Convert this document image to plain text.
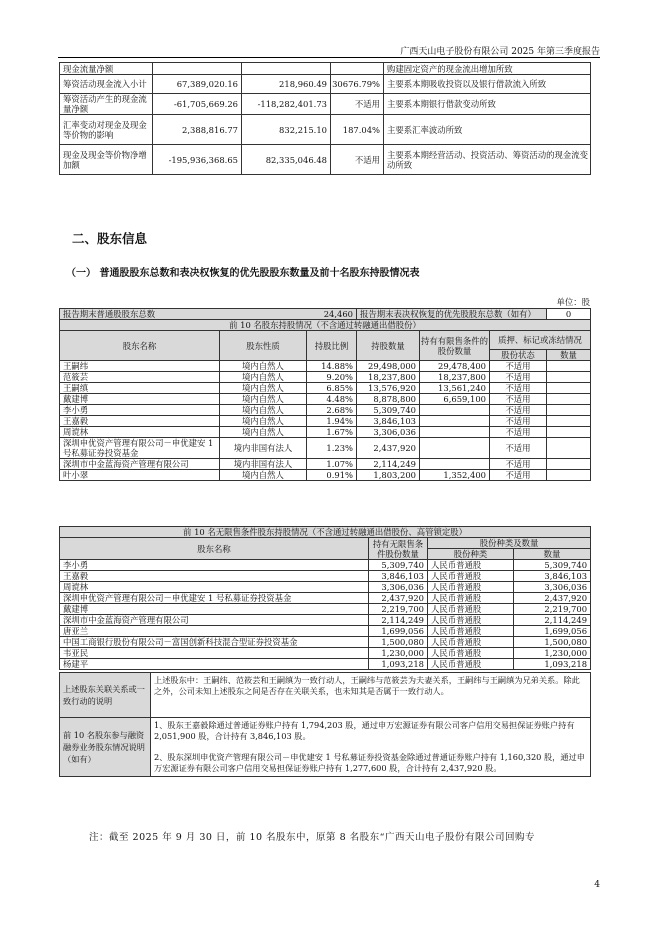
广西天山电子股份有限公司 2025 年第三季度报告
现金流量净额				购建固定资产的现金流出增加所致
筹资活动现金流入小计	67,389,020.16	218,960.49	30676.79%	主要系本期吸收投资以及银行借款流入所致
筹资活动产生的现金流量净额	-61,705,669.26	-118,282,401.73	不适用	主要系本期银行借款变动所致
汇率变动对现金及现金等价物的影响	2,388,816.77	832,215.10	187.04%	主要系汇率波动所致
现金及现金等价物净增加额	-195,936,368.65	82,335,046.48	不适用	主要系本期经营活动、投资活动、筹资活动的现金流变动所致
二、股东信息
（一） 普通股股东总数和表决权恢复的优先股股东数量及前十名股东持股情况表
单位：股
报告期末普通股股东总数 24,460			报告期末表决权恢复的优先股股东总数（如有）			0
前 10 名股东持股情况（不含通过转融通出借股份）						
股东名称	股东性质	持股比例	持股数量	持有有限售条件的股份数量	质押、标记或冻结情况	
					股份状态	数量
王嗣纬	境内自然人	14.88%	29,498,000	29,478,400	不适用	
范筱芸	境内自然人	9.20%	18,237,800	18,237,800	不适用	
王嗣缜	境内自然人	6.85%	13,576,920	13,561,240	不适用	
戴建博	境内自然人	4.48%	8,878,800	6,659,100	不适用	
李小勇	境内自然人	2.68%	5,309,740		不适用	
王嘉毅	境内自然人	1.94%	3,846,103		不适用	
周谠林	境内自然人	1.67%	3,306,036		不适用	
深圳申优资产管理有限公司－申优建安 1 号私募证券投资基金	境内非国有法人	1.23%	2,437,920		不适用	
深圳市中金蓝海资产管理有限公司	境内非国有法人	1.07%	2,114,249		不适用	
叶小翠	境内自然人	0.91%	1,803,200	1,352,400	不适用	
前 10 名无限售条件股东持股情况（不含通过转融通出借股份、高管锁定股）			
股东名称	持有无限售条件股份数量	股份种类及数量	
		股份种类	数量
李小勇	5,309,740	人民币普通股	5,309,740
王嘉毅	3,846,103	人民币普通股	3,846,103
周谠林	3,306,036	人民币普通股	3,306,036
深圳申优资产管理有限公司－申优建安 1 号私募证券投资基金	2,437,920	人民币普通股	2,437,920
戴建博	2,219,700	人民币普通股	2,219,700
深圳市中金蓝海资产管理有限公司	2,114,249	人民币普通股	2,114,249
唐亚兰	1,699,056	人民币普通股	1,699,056
中国工商银行股份有限公司－富国创新科技混合型证券投资基金	1,500,080	人民币普通股	1,500,080
韦亚民	1,230,000	人民币普通股	1,230,000
杨建平	1,093,218	人民币普通股	1,093,218
上述股东关联关系或一致行动的说明	上述股东中：王嗣纬、范筱芸和王嗣缜为一致行动人，王嗣纬与范筱芸为夫妻关系，王嗣纬与王嗣缜为兄弟关系。除此之外，公司未知上述股东之间是否存在关联关系，也未知其是否属于一致行动人。
前 10 名股东参与融资融券业务股东情况说明（如有）	1、股东王嘉毅除通过普通证券账户持有 1,794,203 股，通过申万宏源证券有限公司客户信用交易担保证券账户持有 2,051,900 股，合计持有 3,846,103 股。
2、股东深圳申优资产管理有限公司－申优建安 1 号私募证券投资基金除通过普通证券账户持有 1,160,320 股，通过申万宏源证券有限公司客户信用交易担保证券账户持有 1,277,600 股，合计持有 2,437,920 股。
注：截至 2025 年 9 月 30 日，前 10 名股东中，原第 8 名股东“广西天山电子股份有限公司回购专
4
